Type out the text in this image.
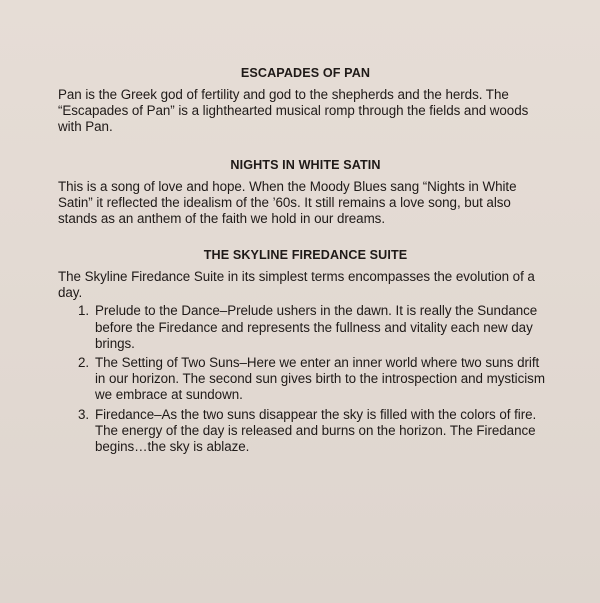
ESCAPADES OF PAN

Pan is the Greek god of fertility and god to the shepherds and the herds. The “Escapades of Pan” is a lighthearted musical romp through the fields and woods with Pan.

NIGHTS IN WHITE SATIN

This is a song of love and hope. When the Moody Blues sang “Nights in White Satin” it reflected the idealism of the ’60s. It still remains a love song, but also stands as an anthem of the faith we hold in our dreams.

THE SKYLINE FIREDANCE SUITE

The Skyline Firedance Suite in its simplest terms encompasses the evolution of a day.

1. Prelude to the Dance–Prelude ushers in the dawn. It is really the Sundance before the Firedance and represents the fullness and vitality each new day brings.
2. The Setting of Two Suns–Here we enter an inner world where two suns drift in our horizon. The second sun gives birth to the introspection and mysticism we embrace at sundown.
3. Firedance–As the two suns disappear the sky is filled with the colors of fire. The energy of the day is released and burns on the horizon. The Firedance begins…the sky is ablaze.
